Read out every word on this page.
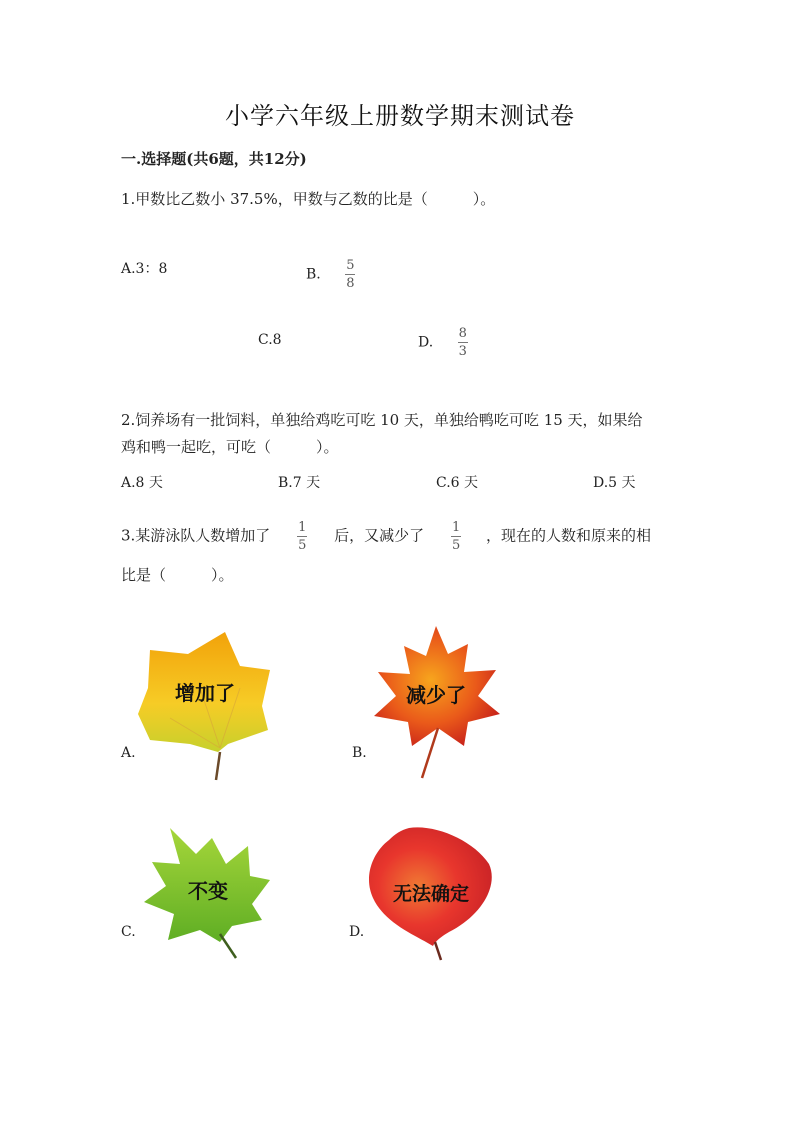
小学六年级上册数学期末测试卷
一.选择题(共6题，共12分)
1.甲数比乙数小 37.5%，甲数与乙数的比是（　　　）。
A.3：8	B. $\frac{5}{8}$
C.8	D. $\frac{8}{3}$
2.饲养场有一批饲料，单独给鸡吃可吃 10 天，单独给鸭吃可吃 15 天，如果给
鸡和鸭一起吃，可吃（　　　）。
A.8 天	B.7 天	C.6 天	D.5 天
3.某游泳队人数增加了 $\frac{1}{5}$ 后，又减少了 $\frac{1}{5}$ ，现在的人数和原来的相
比是（　　　）。
A.
增加了
B.
减少了
C.
不变
D.
无法确定
